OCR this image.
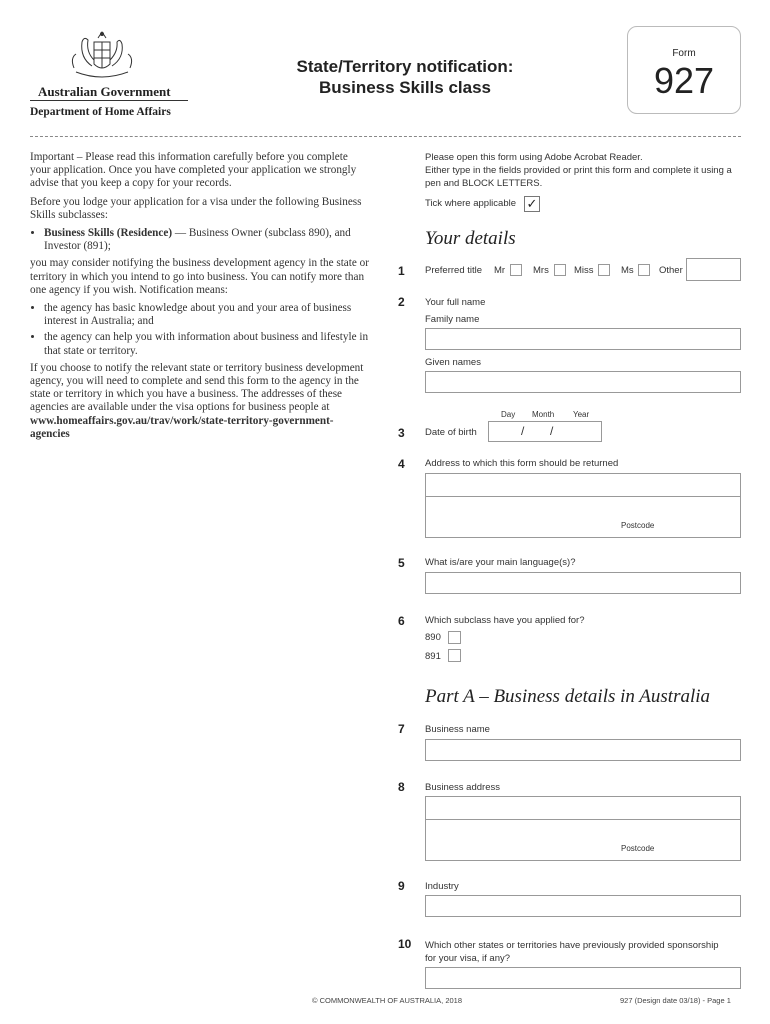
Australian Government
Department of Home Affairs
State/Territory notification:
Business Skills class
Form
927

Important – Please read this information carefully before you complete your application. Once you have completed your application we strongly advise that you keep a copy for your records.

Before you lodge your application for a visa under the following Business Skills subclasses:

• Business Skills (Residence) — Business Owner (subclass 890), and Investor (891);

you may consider notifying the business development agency in the state or territory in which you intend to go into business. You can notify more than one agency if you wish. Notification means:

• the agency has basic knowledge about you and your area of business interest in Australia; and
• the agency can help you with information about business and lifestyle in that state or territory.

If you choose to notify the relevant state or territory business development agency, you will need to complete and send this form to the agency in the state or territory in which you have a business. The addresses of these agencies are available under the visa options for business people at www.homeaffairs.gov.au/trav/work/state-territory-government-agencies

Please open this form using Adobe Acrobat Reader.
Either type in the fields provided or print this form and complete it using a pen and BLOCK LETTERS.
Tick where applicable ✓
Your details
1	Preferred title Mr	Mrs	Miss	Ms	Other
2	Your full name
Family name
Given names
Day Month Year
3	Date of birth	/ /
4	Address to which this form should be returned
Postcode
5	What is/are your main language(s)?
6	Which subclass have you applied for?
890
891
Part A – Business details in Australia
7	Business name
8	Business address
Postcode
9	Industry
10	Which other states or territories have previously provided sponsorship
for your visa, if any?
© COMMONWEALTH OF AUSTRALIA, 2018	927 (Design date 03/18) - Page 1
